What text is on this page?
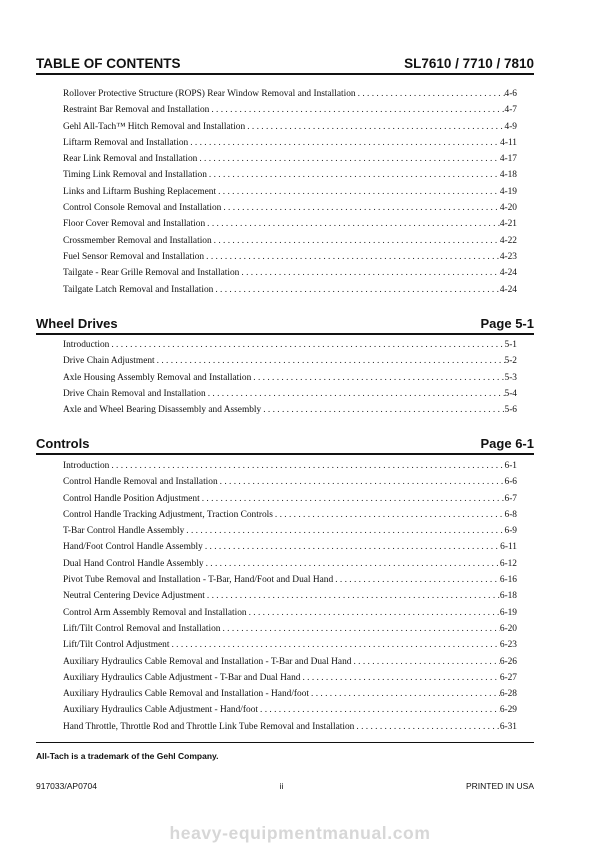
TABLE OF CONTENTS	SL7610 / 7710 / 7810
Rollover Protective Structure (ROPS) Rear Window Removal and Installation . . .	4-6
Restraint Bar Removal and Installation . . .	4-7
Gehl All-Tach™ Hitch Removal and Installation . . .	4-9
Liftarm Removal and Installation . . .	4-11
Rear Link Removal and Installation . . .	4-17
Timing Link Removal and Installation . . .	4-18
Links and Liftarm Bushing Replacement . . .	4-19
Control Console Removal and Installation . . .	4-20
Floor Cover Removal and Installation . . .	4-21
Crossmember Removal and Installation . . .	4-22
Fuel Sensor Removal and Installation . . .	4-23
Tailgate - Rear Grille Removal and Installation . . .	4-24
Tailgate Latch Removal and Installation . . .	4-24
Wheel Drives	Page 5-1
Introduction . . .	5-1
Drive Chain Adjustment . . .	5-2
Axle Housing Assembly Removal and Installation . . .	5-3
Drive Chain Removal and Installation . . .	5-4
Axle and Wheel Bearing Disassembly and Assembly . . .	5-6
Controls	Page 6-1
Introduction . . .	6-1
Control Handle Removal and Installation . . .	6-6
Control Handle Position Adjustment . . .	6-7
Control Handle Tracking Adjustment, Traction Controls . . .	6-8
T-Bar Control Handle Assembly . . .	6-9
Hand/Foot Control Handle Assembly . . .	6-11
Dual Hand Control Handle Assembly . . .	6-12
Pivot Tube Removal and Installation - T-Bar, Hand/Foot and Dual Hand . . .	6-16
Neutral Centering Device Adjustment . . .	6-18
Control Arm Assembly Removal and Installation . . .	6-19
Lift/Tilt Control Removal and Installation . . .	6-20
Lift/Tilt Control Adjustment . . .	6-23
Auxiliary Hydraulics Cable Removal and Installation - T-Bar and Dual Hand . . .	6-26
Auxiliary Hydraulics Cable Adjustment - T-Bar and Dual Hand . . .	6-27
Auxiliary Hydraulics Cable Removal and Installation - Hand/foot . . .	6-28
Auxiliary Hydraulics Cable Adjustment - Hand/foot . . .	6-29
Hand Throttle, Throttle Rod and Throttle Link Tube Removal and Installation . . .	6-31
All-Tach is a trademark of the Gehl Company.
917033/AP0704	ii	PRINTED IN USA
heavy-equipmentmanual.com
